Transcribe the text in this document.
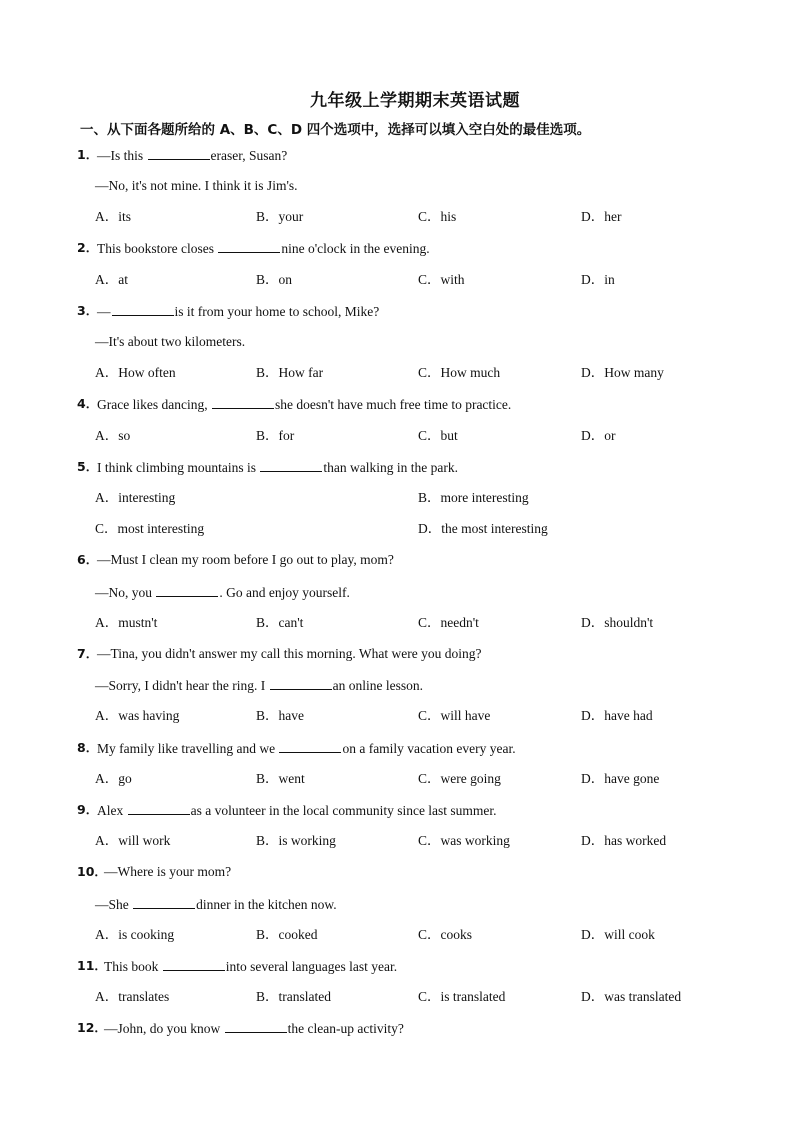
九年级上学期期末英语试题
一、从下面各题所给的 A、B、C、D 四个选项中，选择可以填入空白处的最佳选项。
1．
—Is this	eraser, Susan?
—No, it's not mine. I think it is Jim's.
A．its	B．your	C．his	D．her
2．
This bookstore closes	nine o'clock in the evening.
A．at	B．on	C．with	D．in
3．
—	is it from your home to school, Mike?
—It's about two kilometers.
A．How often	B．How far	C．How much	D．How many
4．
Grace likes dancing,	she doesn't have much free time to practice.
A．so	B．for	C．but	D．or
5．
I think climbing mountains is	than walking in the park.
A．interesting	B．more interesting
C．most interesting	D．the most interesting
6．
—Must I clean my room before I go out to play, mom?
—No, you	. Go and enjoy yourself.
A．mustn't	B．can't	C．needn't	D．shouldn't
7．
—Tina, you didn't answer my call this morning. What were you doing?
—Sorry, I didn't hear the ring. I	an online lesson.
A．was having	B．have	C．will have	D．have had
8．
My family like travelling and we	on a family vacation every year.
A．go	B．went	C．were going	D．have gone
9．
Alex	as a volunteer in the local community since last summer.
A．will work	B．is working	C．was working	D．has worked
10．
—Where is your mom?
—She	dinner in the kitchen now.
A．is cooking	B．cooked	C．cooks	D．will cook
11．
This book	into several languages last year.
A．translates	B．translated	C．is translated	D．was translated
12．
—John, do you know	the clean-up activity?
